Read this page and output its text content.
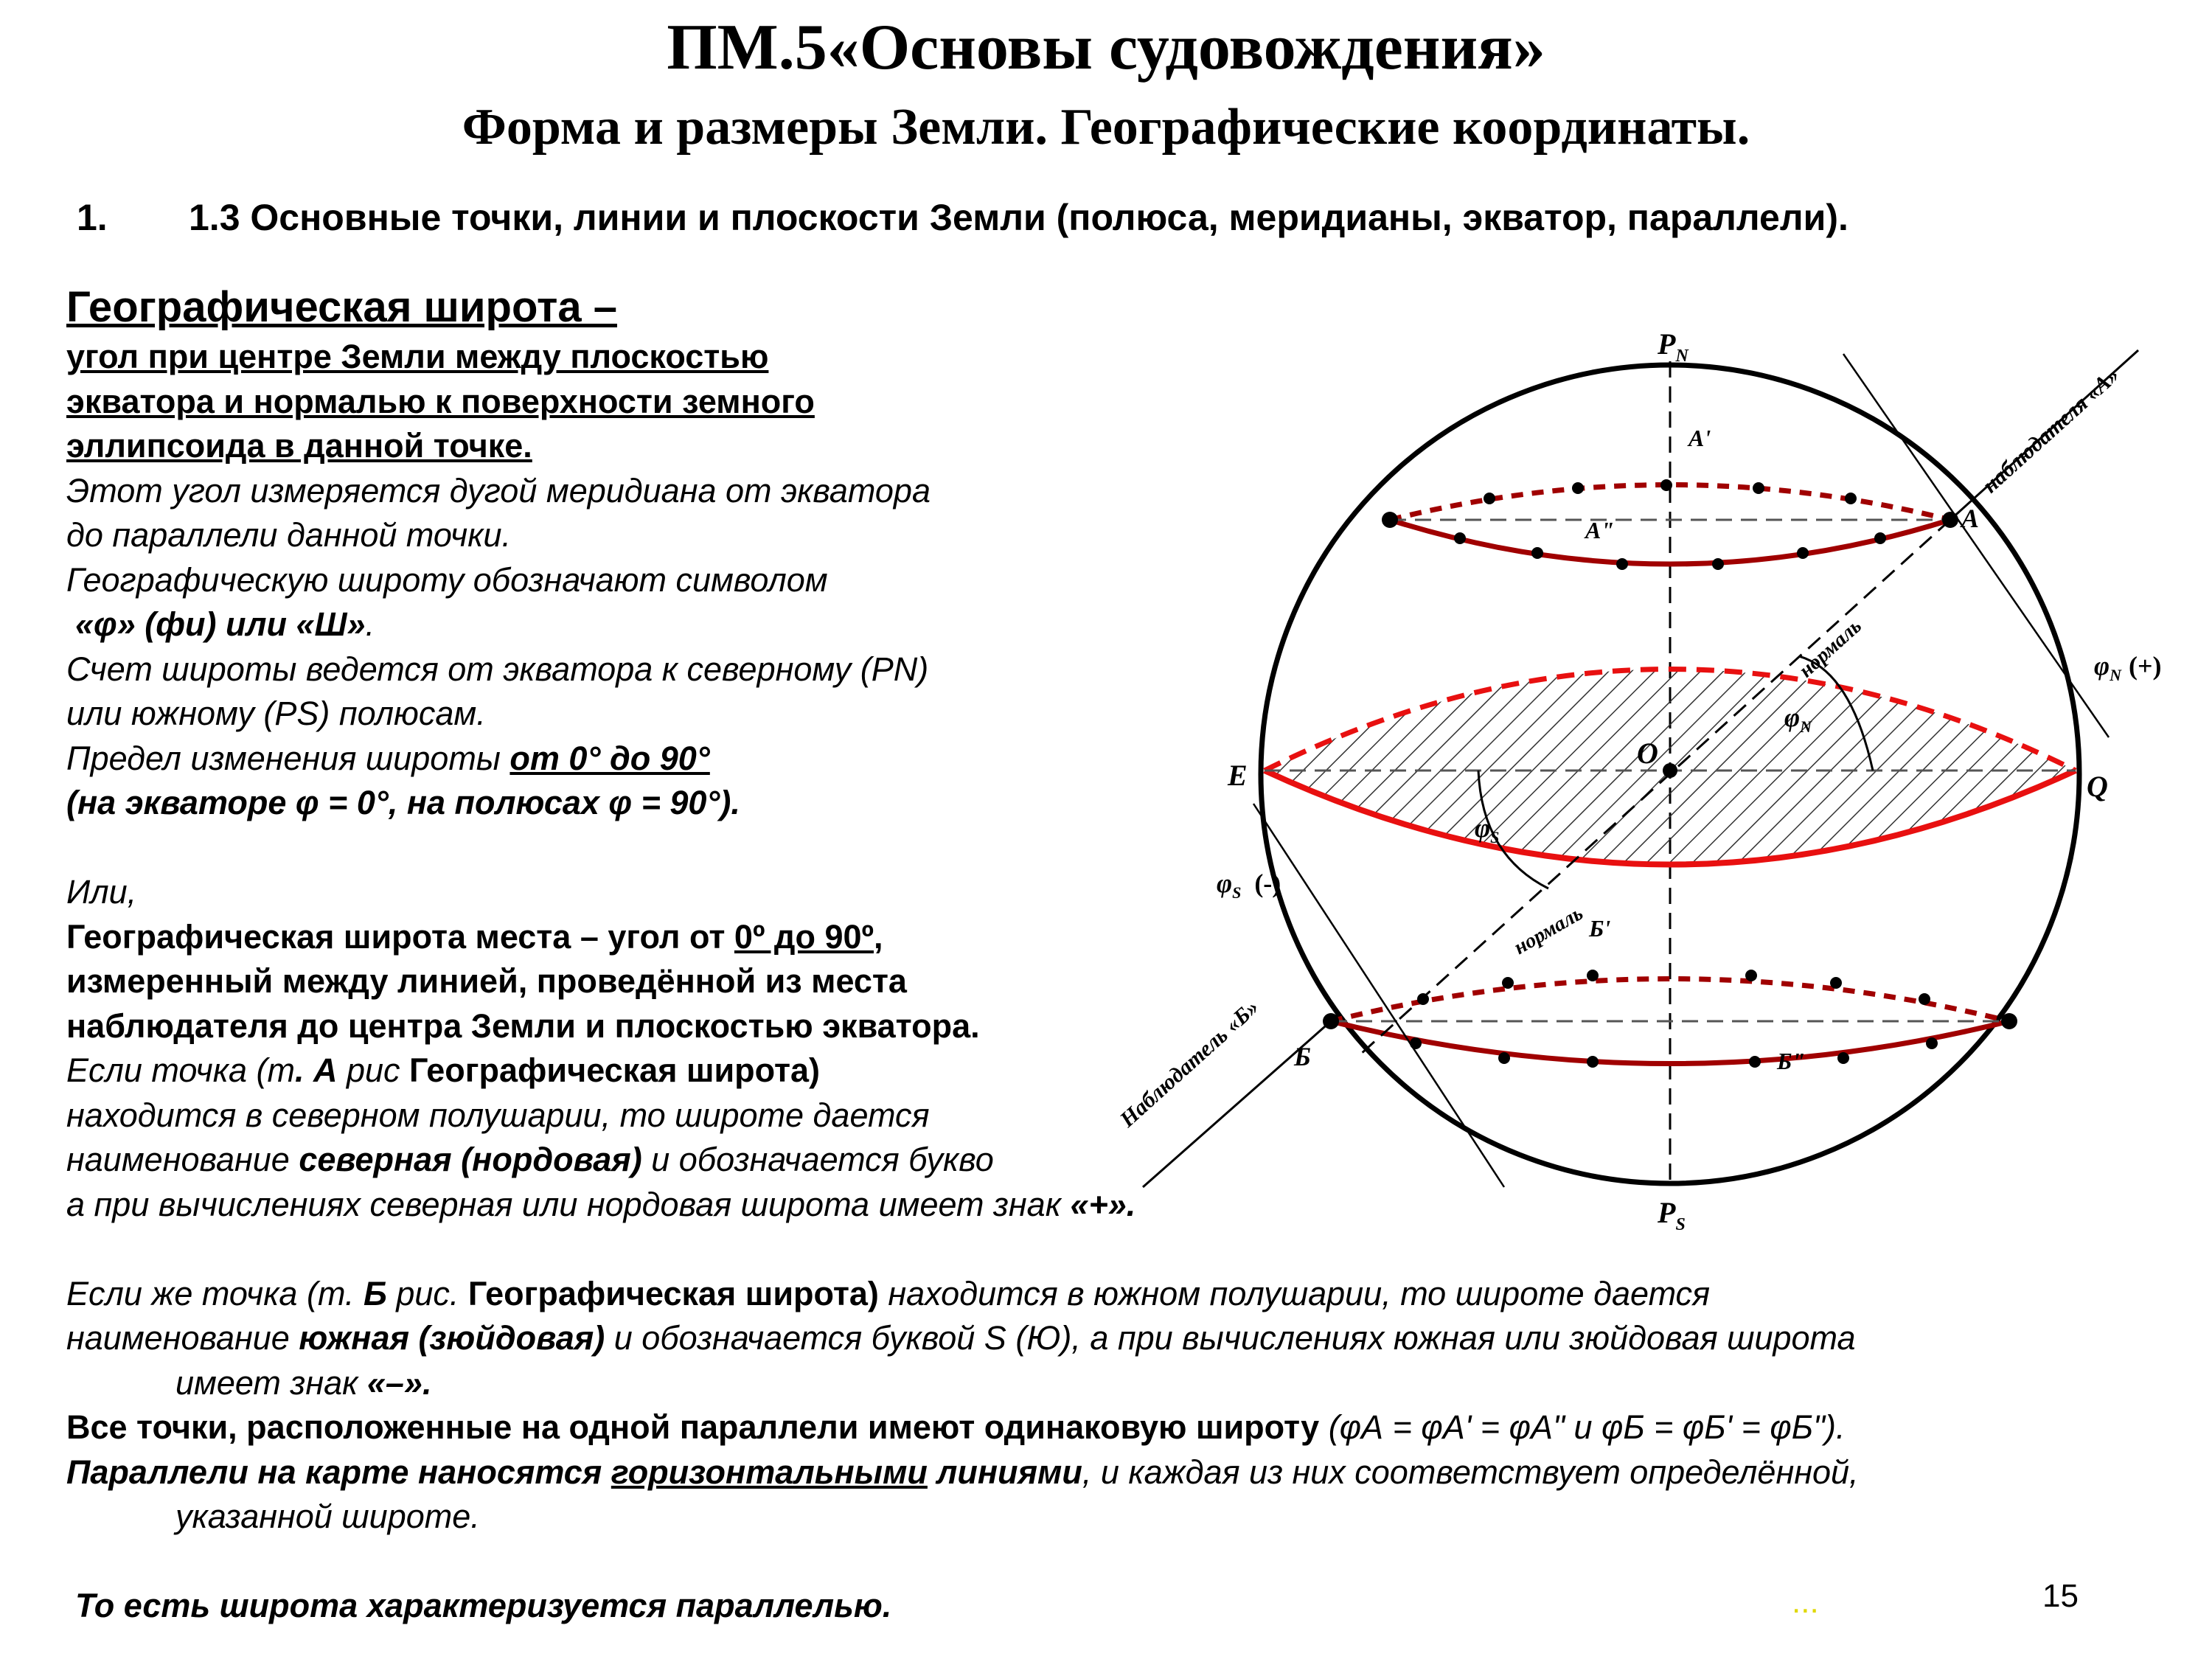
ПМ.5«Основы судовождения»
Форма и размеры Земли. Географические координаты.
1. 1.3 Основные точки, линии и плоскости Земли (полюса, меридианы, экватор, параллели).
Географическая широта –
угол при центре Земли между плоскостью
экватора и нормалью к поверхности земного
эллипсоида в данной точке.
Этот угол измеряется дугой меридиана от экватора
до параллели данной точки.
Географическую широту обозначают символом
«φ» (фи) или «Ш».
Счет широты ведется от экватора к северному (PN)
или южному (PS) полюсам.
Предел изменения широты от 0° до 90°
(на экваторе φ = 0°, на полюсах φ = 90°).
Или,
Географическая широта места – угол от 0º до 90º,
измеренный между линией, проведённой из места
наблюдателя до центра Земли и плоскостью экватора.
Если точка (т. А рис Географическая широта)
находится в северном полушарии, то широте дается
наименование северная (нордовая) и обозначается букво
а при вычислениях северная или нордовая широта имеет знак «+».
Если же точка (т. Б рис. Географическая широта) находится в южном полушарии, то широте дается
наименование южная (зюйдовая) и обозначается буквой S (Ю), а при вычислениях южная или зюйдовая широта
имеет знак «–».
Все точки, расположенные на одной параллели имеют одинаковую широту (φА = φА' = φА" и φБ = φБ' = φБ").
Параллели на карте наносятся горизонтальными линиями, и каждая из них соответствует определённой,
указанной широте.
То есть широта характеризуется параллелью.
$P_N$
$P_S$
E	Q
O
A
A'
A"
Б
Б'
Б"
$\varphi_N$
$\varphi_S$
$\varphi_N$ (+)
$\varphi_S$ (-)
нормаль
нормаль
наблюдателя «А»
Наблюдатель «Б»
...	15
